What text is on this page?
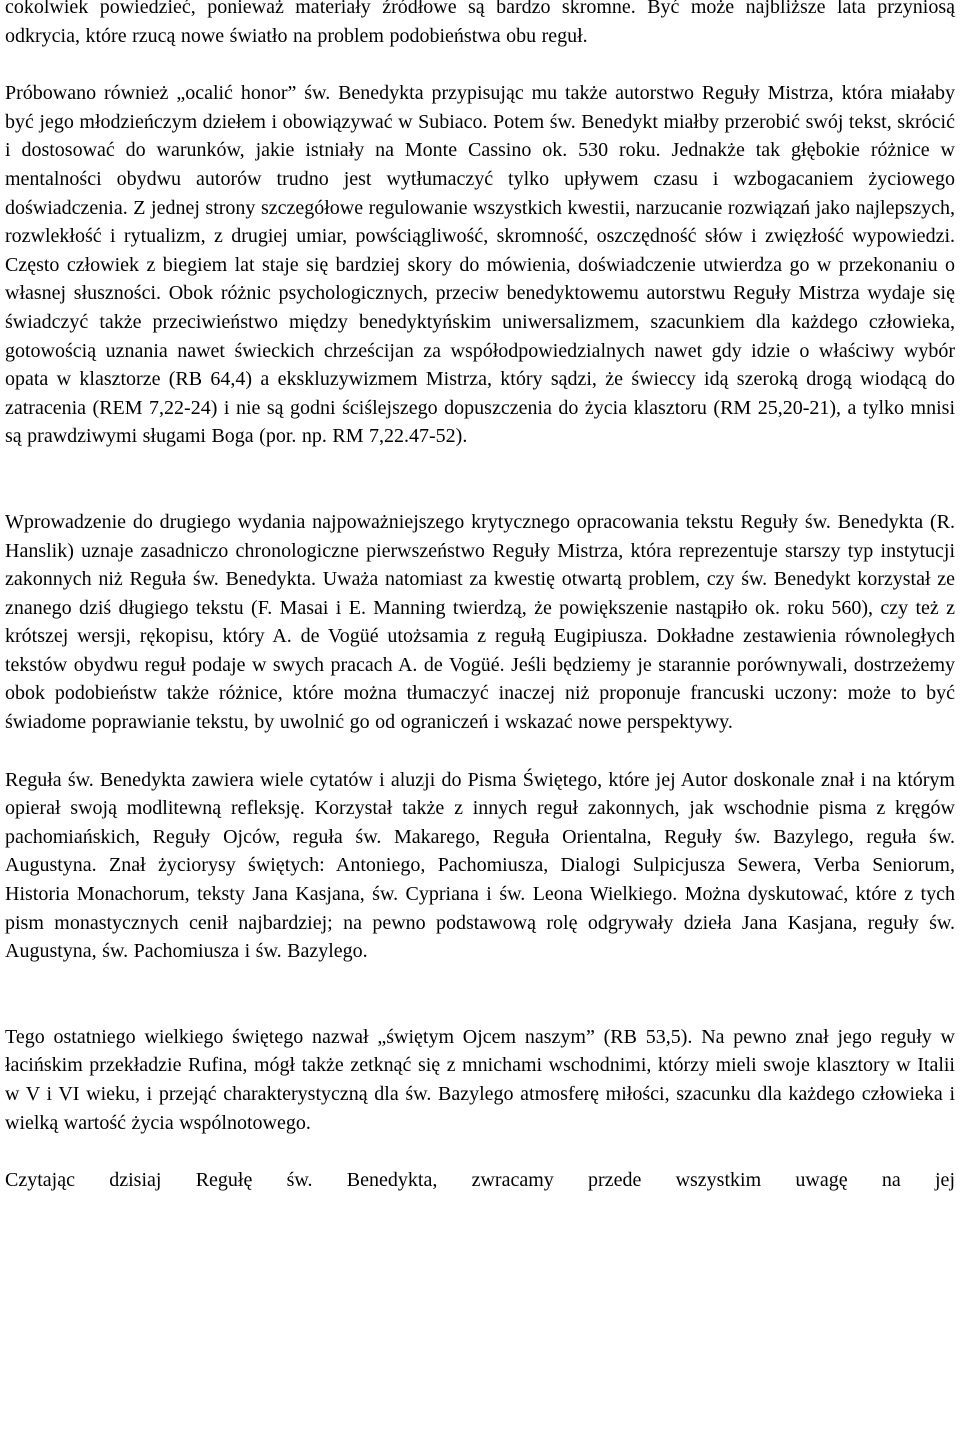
cokolwiek powiedzieć, ponieważ materiały źródłowe są bardzo skromne. Być może najbliższe lata przyniosą odkrycia, które rzucą nowe światło na problem podobieństwa obu reguł.

Próbowano również „ocalić honor” św. Benedykta przypisując mu także autorstwo Reguły Mistrza, która miałaby być jego młodzieńczym dziełem i obowiązywać w Subiaco. Potem św. Benedykt miałby przerobić swój tekst, skrócić i dostosować do warunków, jakie istniały na Monte Cassino ok. 530 roku. Jednakże tak głębokie różnice w mentalności obydwu autorów trudno jest wytłumaczyć tylko upływem czasu i wzbogacaniem życiowego doświadczenia. Z jednej strony szczegółowe regulowanie wszystkich kwestii, narzucanie rozwiązań jako najlepszych, rozwlekłość i rytualizm, z drugiej umiar, powściągliwość, skromność, oszczędność słów i zwięzłość wypowiedzi. Często człowiek z biegiem lat staje się bardziej skory do mówienia, doświadczenie utwierdza go w przekonaniu o własnej słuszności. Obok różnic psychologicznych, przeciw benedyktowemu autorstwu Reguły Mistrza wydaje się świadczyć także przeciwieństwo między benedyktyńskim uniwersalizmem, szacunkiem dla każdego człowieka, gotowością uznania nawet świeckich chrześcijan za współodpowiedzialnych nawet gdy idzie o właściwy wybór opata w klasztorze (RB 64,4) a ekskluzywizmem Mistrza, który sądzi, że świeccy idą szeroką drogą wiodącą do zatracenia (REM 7,22-24) i nie są godni ściślejszego dopuszczenia do życia klasztoru (RM 25,20-21), a tylko mnisi są prawdziwymi sługami Boga (por. np. RM 7,22.47-52).

Wprowadzenie do drugiego wydania najpoważniejszego krytycznego opracowania tekstu Reguły św. Benedykta (R. Hanslik) uznaje zasadniczo chronologiczne pierwszeństwo Reguły Mistrza, która reprezentuje starszy typ instytucji zakonnych niż Reguła św. Benedykta. Uważa natomiast za kwestię otwartą problem, czy św. Benedykt korzystał ze znanego dziś długiego tekstu (F. Masai i E. Manning twierdzą, że powiększenie nastąpiło ok. roku 560), czy też z krótszej wersji, rękopisu, który A. de Vogüé utożsamia z regułą Eugipiusza. Dokładne zestawienia równoległych tekstów obydwu reguł podaje w swych pracach A. de Vogüé. Jeśli będziemy je starannie porównywali, dostrzeżemy obok podobieństw także różnice, które można tłumaczyć inaczej niż proponuje francuski uczony: może to być świadome poprawianie tekstu, by uwolnić go od ograniczeń i wskazać nowe perspektywy.

Reguła św. Benedykta zawiera wiele cytatów i aluzji do Pisma Świętego, które jej Autor doskonale znał i na którym opierał swoją modlitewną refleksję. Korzystał także z innych reguł zakonnych, jak wschodnie pisma z kręgów pachomiańskich, Reguły Ojców, reguła św. Makarego, Reguła Orientalna, Reguły św. Bazylego, reguła św. Augustyna. Znał życiorysy świętych: Antoniego, Pachomiusza, Dialogi Sulpicjusza Sewera, Verba Seniorum, Historia Monachorum, teksty Jana Kasjana, św. Cypriana i św. Leona Wielkiego. Można dyskutować, które z tych pism monastycznych cenił najbardziej; na pewno podstawową rolę odgrywały dzieła Jana Kasjana, reguły św. Augustyna, św. Pachomiusza i św. Bazylego.

Tego ostatniego wielkiego świętego nazwał „świętym Ojcem naszym” (RB 53,5). Na pewno znał jego reguły w łacińskim przekładzie Rufina, mógł także zetknąć się z mnichami wschodnimi, którzy mieli swoje klasztory w Italii w V i VI wieku, i przejąć charakterystyczną dla św. Bazylego atmosferę miłości, szacunku dla każdego człowieka i wielką wartość życia wspólnotowego.

Czytając dzisiaj Regułę św. Benedykta, zwracamy przede wszystkim uwagę na jej
